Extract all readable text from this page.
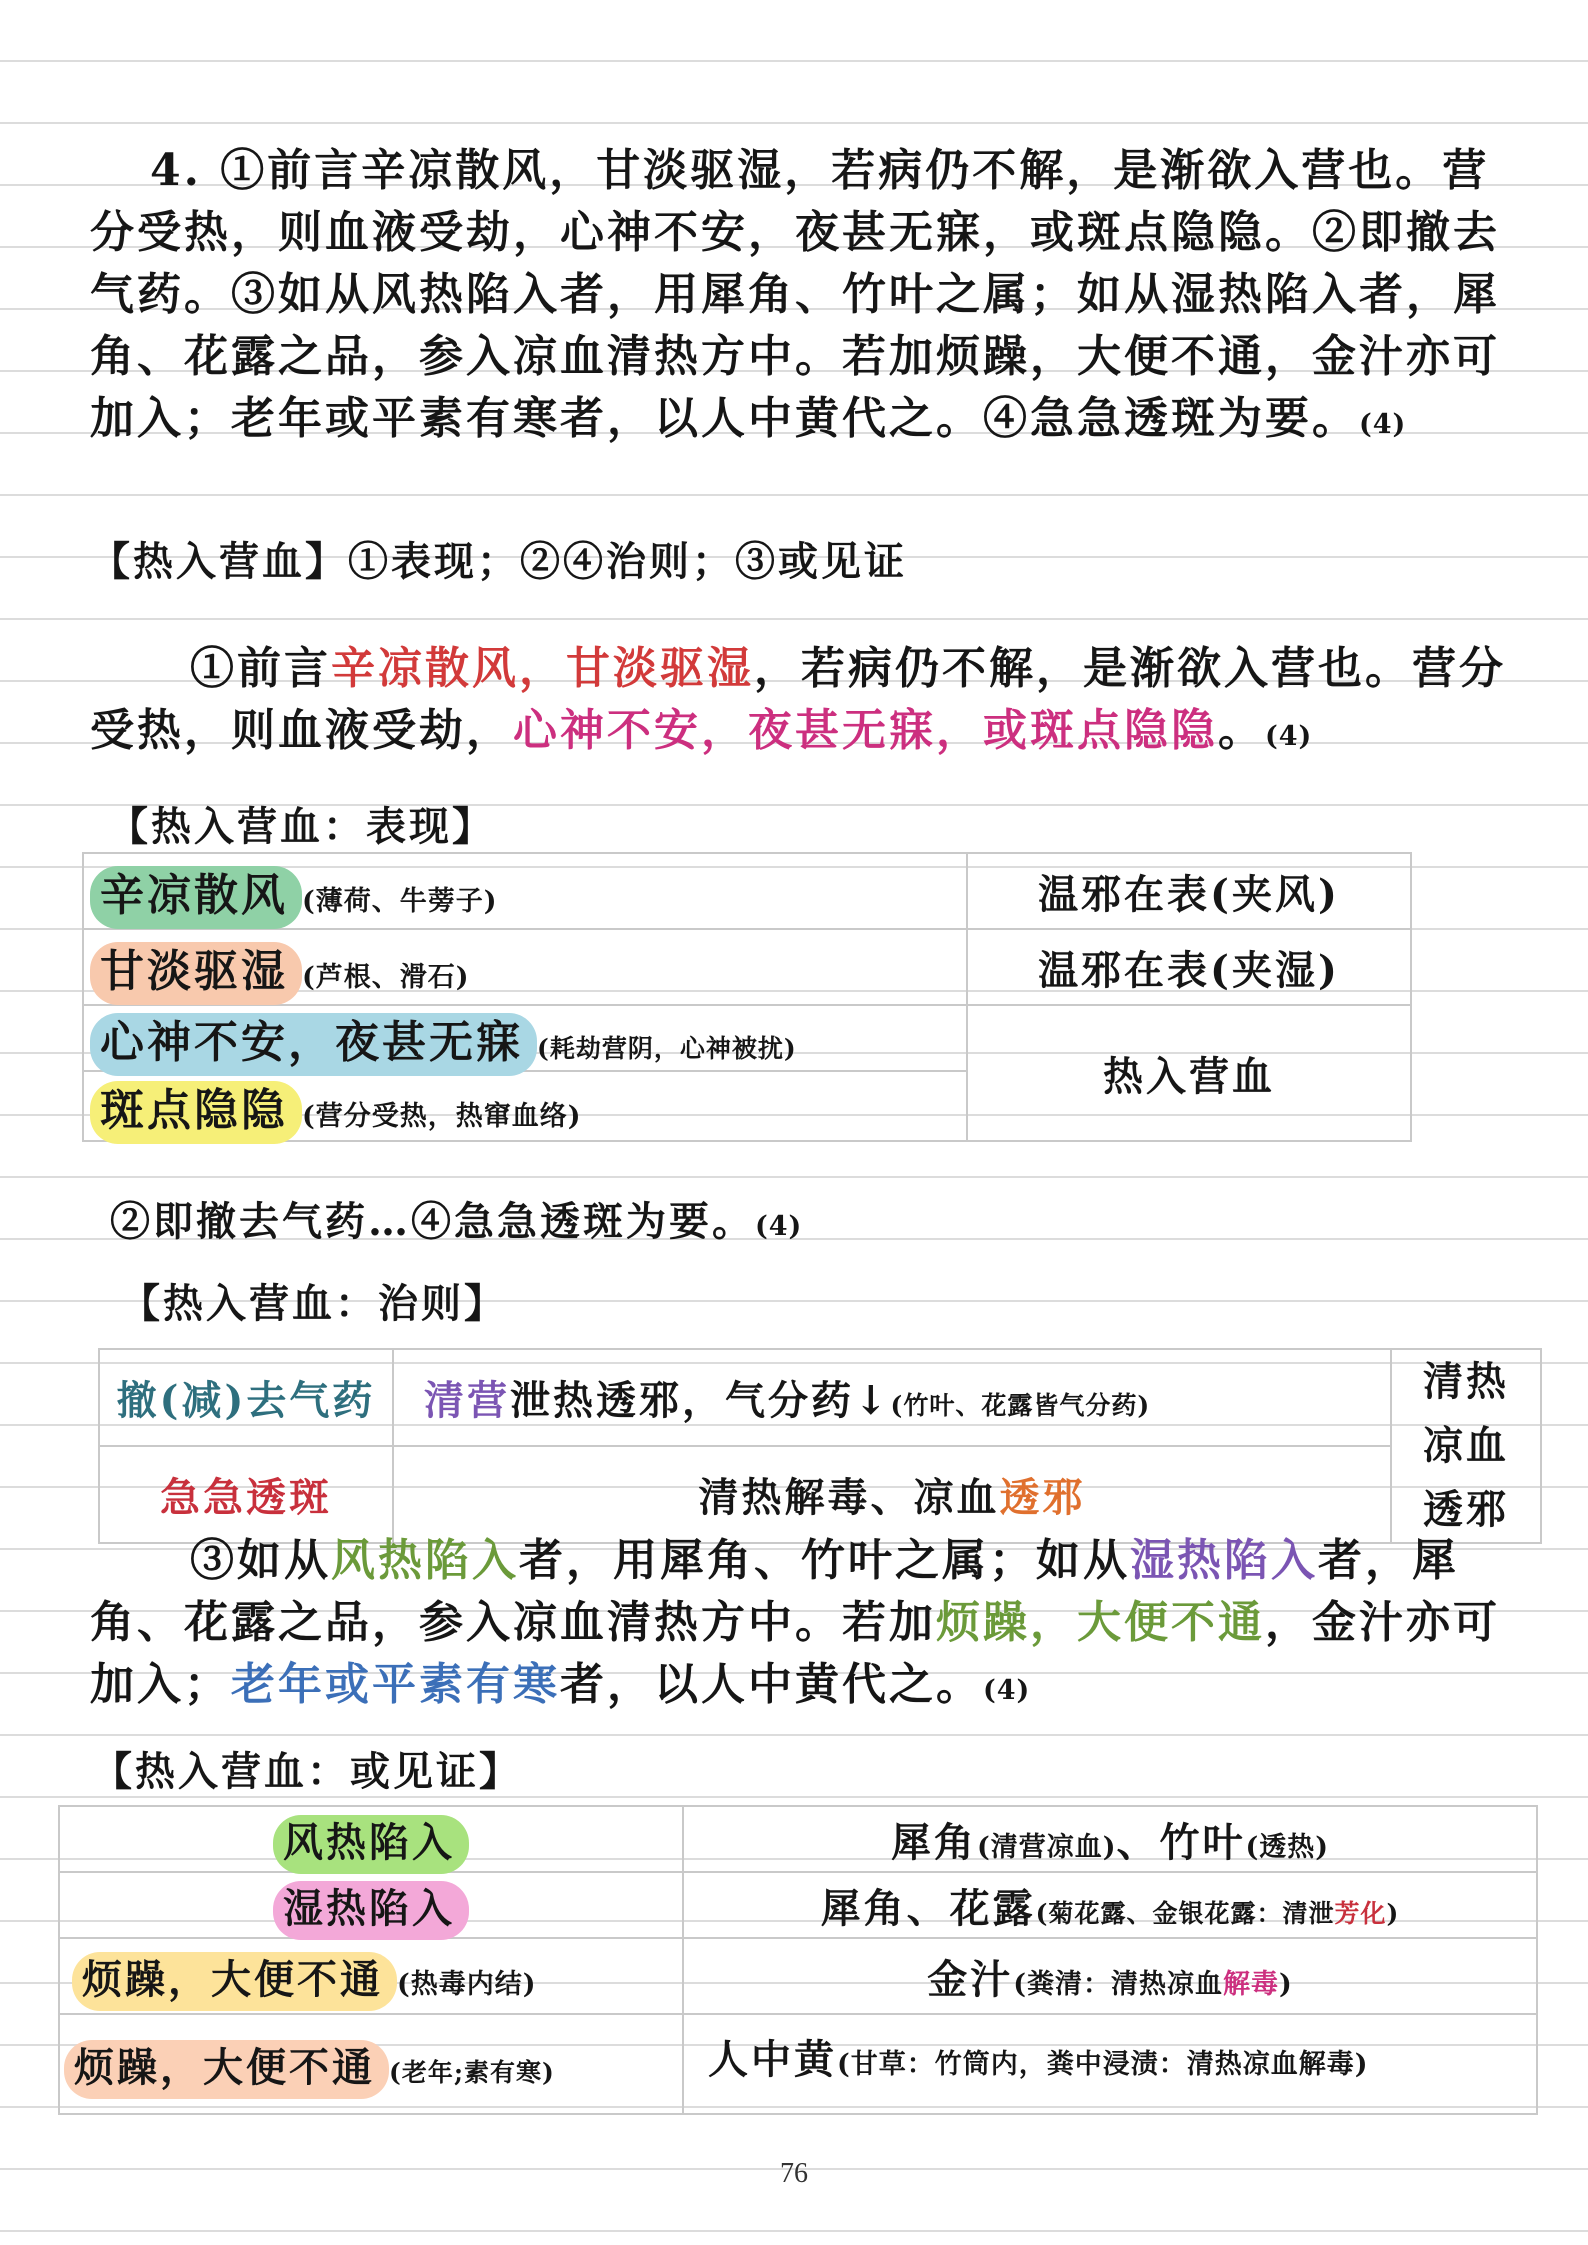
4. ①前言辛凉散风，甘淡驱湿，若病仍不解，是渐欲入营也。营分受热，则血液受劫，心神不安，夜甚无寐，或斑点隐隐。②即撤去气药。③如从风热陷入者，用犀角、竹叶之属；如从湿热陷入者，犀角、花露之品，参入凉血清热方中。若加烦躁，大便不通，金汁亦可加入；老年或平素有寒者，以人中黄代之。④急急透斑为要。(4)
【热入营血】①表现；②④治则；③或见证
①前言辛凉散风，甘淡驱湿，若病仍不解，是渐欲入营也。营分受热，则血液受劫，心神不安，夜甚无寐，或斑点隐隐。(4)
【热入营血：表现】
辛凉散风 (薄荷、牛蒡子)	温邪在表(夹风)
甘淡驱湿 (芦根、滑石)	温邪在表(夹湿)
心神不安，夜甚无寐 (耗劫营阴，心神被扰)	热入营血
斑点隐隐 (营分受热，热窜血络)	
②即撤去气药…④急急透斑为要。(4)
【热入营血：治则】
撤(减)去气药	清营泄热透邪，气分药↓(竹叶、花露皆气分药)	清热凉血透邪
急急透斑	清热解毒、凉血透邪	
③如从风热陷入者，用犀角、竹叶之属；如从湿热陷入者，犀角、花露之品，参入凉血清热方中。若加烦躁，大便不通，金汁亦可加入；老年或平素有寒者，以人中黄代之。(4)
【热入营血：或见证】
风热陷入	犀角(清营凉血)、竹叶(透热)
湿热陷入	犀角、花露(菊花露、金银花露：清泄芳化)
烦躁，大便不通 (热毒内结)	金汁(粪清：清热凉血解毒)
烦躁，大便不通 (老年;素有寒)	人中黄(甘草：竹筒内，粪中浸渍：清热凉血解毒)
76
